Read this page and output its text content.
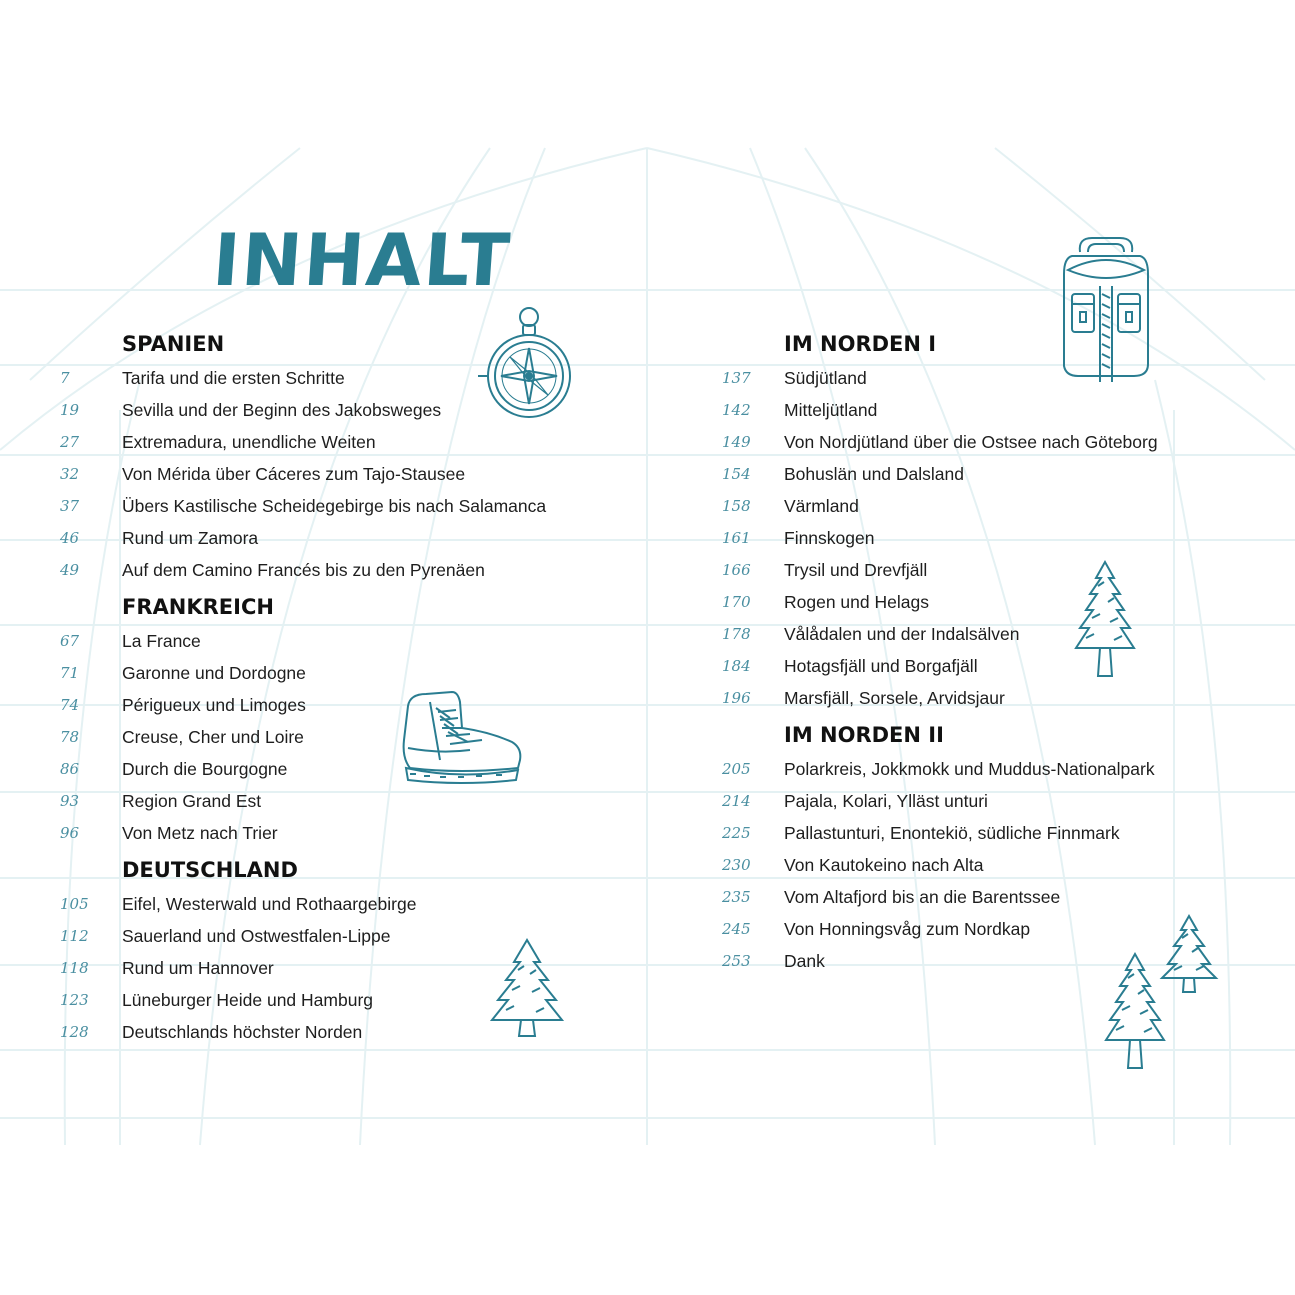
INHALT
SPANIEN
7	Tarifa und die ersten Schritte
19	Sevilla und der Beginn des Jakobsweges
27	Extremadura, unendliche Weiten
32	Von Mérida über Cáceres zum Tajo-Stausee
37	Übers Kastilische Scheidegebirge bis nach Salamanca
46	Rund um Zamora
49	Auf dem Camino Francés bis zu den Pyrenäen
FRANKREICH
67	La France
71	Garonne und Dordogne
74	Périgueux und Limoges
78	Creuse, Cher und Loire
86	Durch die Bourgogne
93	Region Grand Est
96	Von Metz nach Trier
DEUTSCHLAND
105	Eifel, Westerwald und Rothaargebirge
112	Sauerland und Ostwestfalen-Lippe
118	Rund um Hannover
123	Lüneburger Heide und Hamburg
128	Deutschlands höchster Norden
IM NORDEN I
137	Südjütland
142	Mitteljütland
149	Von Nordjütland über die Ostsee nach Göteborg
154	Bohuslän und Dalsland
158	Värmland
161	Finnskogen
166	Trysil und Drevfjäll
170	Rogen und Helags
178	Vålådalen und der Indalsälven
184	Hotagsfjäll und Borgafjäll
196	Marsfjäll, Sorsele, Arvidsjaur
IM NORDEN II
205	Polarkreis, Jokkmokk und Muddus-Nationalpark
214	Pajala, Kolari, Ylläst unturi
225	Pallastunturi, Enontekiö, südliche Finnmark
230	Von Kautokeino nach Alta
235	Vom Altafjord bis an die Barentssee
245	Von Honningsvåg zum Nordkap
253	Dank
